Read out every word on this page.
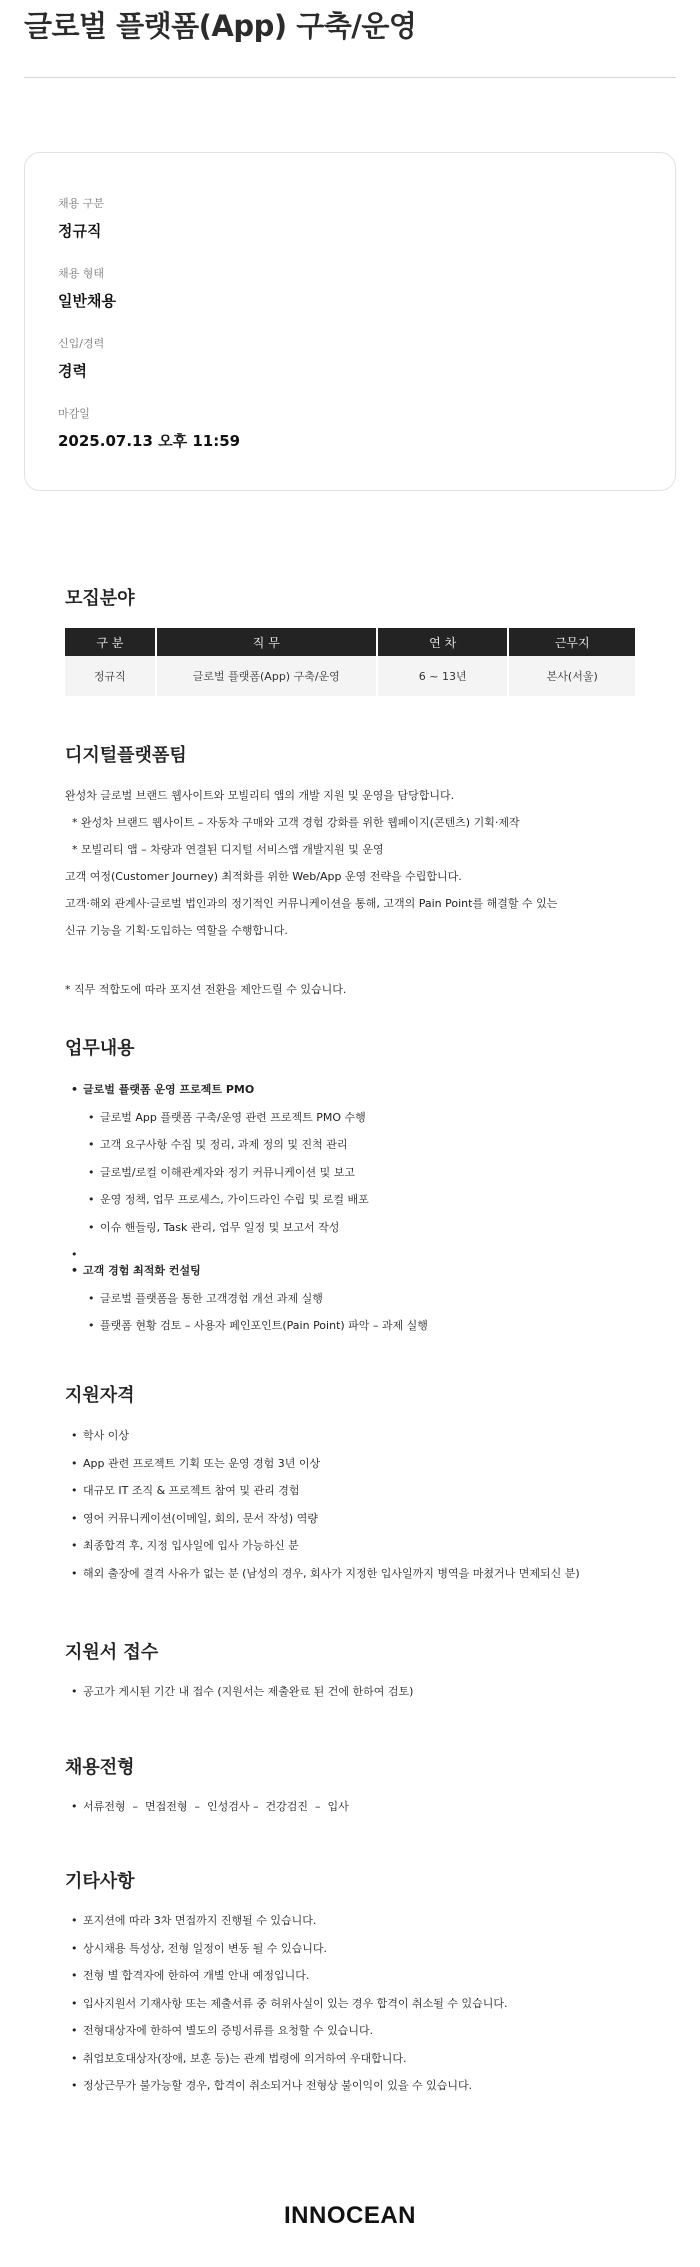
글로벌 플랫폼(App) 구축/운영
채용 구분
정규직
채용 형태
일반채용
신입/경력
경력
마감일
2025.07.13 오후 11:59
모집분야
구 분	직 무	연 차	근무지
정규직	글로벌 플랫폼(App) 구축/운영	6 ~ 13년	본사(서울)
디지털플랫폼팀
완성차 글로벌 브랜드 웹사이트와 모빌리티 앱의 개발 지원 및 운영을 담당합니다.
* 완성차 브랜드 웹사이트 – 자동차 구매와 고객 경험 강화를 위한 웹페이지(콘텐츠) 기획·제작
* 모빌리티 앱 – 차량과 연결된 디지털 서비스앱 개발지원 및 운영
고객 여정(Customer Journey) 최적화를 위한 Web/App 운영 전략을 수립합니다.
고객·해외 관계사·글로벌 법인과의 정기적인 커뮤니케이션을 통해, 고객의 Pain Point를 해결할 수 있는
신규 기능을 기획·도입하는 역할을 수행합니다.
* 직무 적합도에 따라 포지션 전환을 제안드릴 수 있습니다.
업무내용
• 글로벌 플랫폼 운영 프로젝트 PMO
• 글로벌 App 플랫폼 구축/운영 관련 프로젝트 PMO 수행
• 고객 요구사항 수집 및 정리, 과제 정의 및 진척 관리
• 글로벌/로컬 이해관계자와 정기 커뮤니케이션 및 보고
• 운영 정책, 업무 프로세스, 가이드라인 수립 및 로컬 배포
• 이슈 핸들링, Task 관리, 업무 일정 및 보고서 작성
•
• 고객 경험 최적화 컨설팅
• 글로벌 플랫폼을 통한 고객경험 개선 과제 실행
• 플랫폼 현황 검토 – 사용자 페인포인트(Pain Point) 파악 – 과제 실행
지원자격
• 학사 이상
• App 관련 프로젝트 기획 또는 운영 경험 3년 이상
• 대규모 IT 조직 & 프로젝트 참여 및 관리 경험
• 영어 커뮤니케이션(이메일, 회의, 문서 작성) 역량
• 최종합격 후, 지정 입사일에 입사 가능하신 분
• 해외 출장에 결격 사유가 없는 분 (남성의 경우, 회사가 지정한 입사일까지 병역을 마쳤거나 면제되신 분)
지원서 접수
• 공고가 게시된 기간 내 접수 (지원서는 제출완료 된 건에 한하여 검토)
채용전형
• 서류전형  –  면접전형  –  인성검사 –  건강검진  –  입사
기타사항
• 포지션에 따라 3차 면접까지 진행될 수 있습니다.
• 상시채용 특성상, 전형 일정이 변동 될 수 있습니다.
• 전형 별 합격자에 한하여 개별 안내 예정입니다.
• 입사지원서 기재사항 또는 제출서류 중 허위사실이 있는 경우 합격이 취소될 수 있습니다.
• 전형대상자에 한하여 별도의 증빙서류를 요청할 수 있습니다.
• 취업보호대상자(장애, 보훈 등)는 관계 법령에 의거하여 우대합니다.
• 정상근무가 불가능할 경우, 합격이 취소되거나 전형상 불이익이 있을 수 있습니다.
INNOCEAN
